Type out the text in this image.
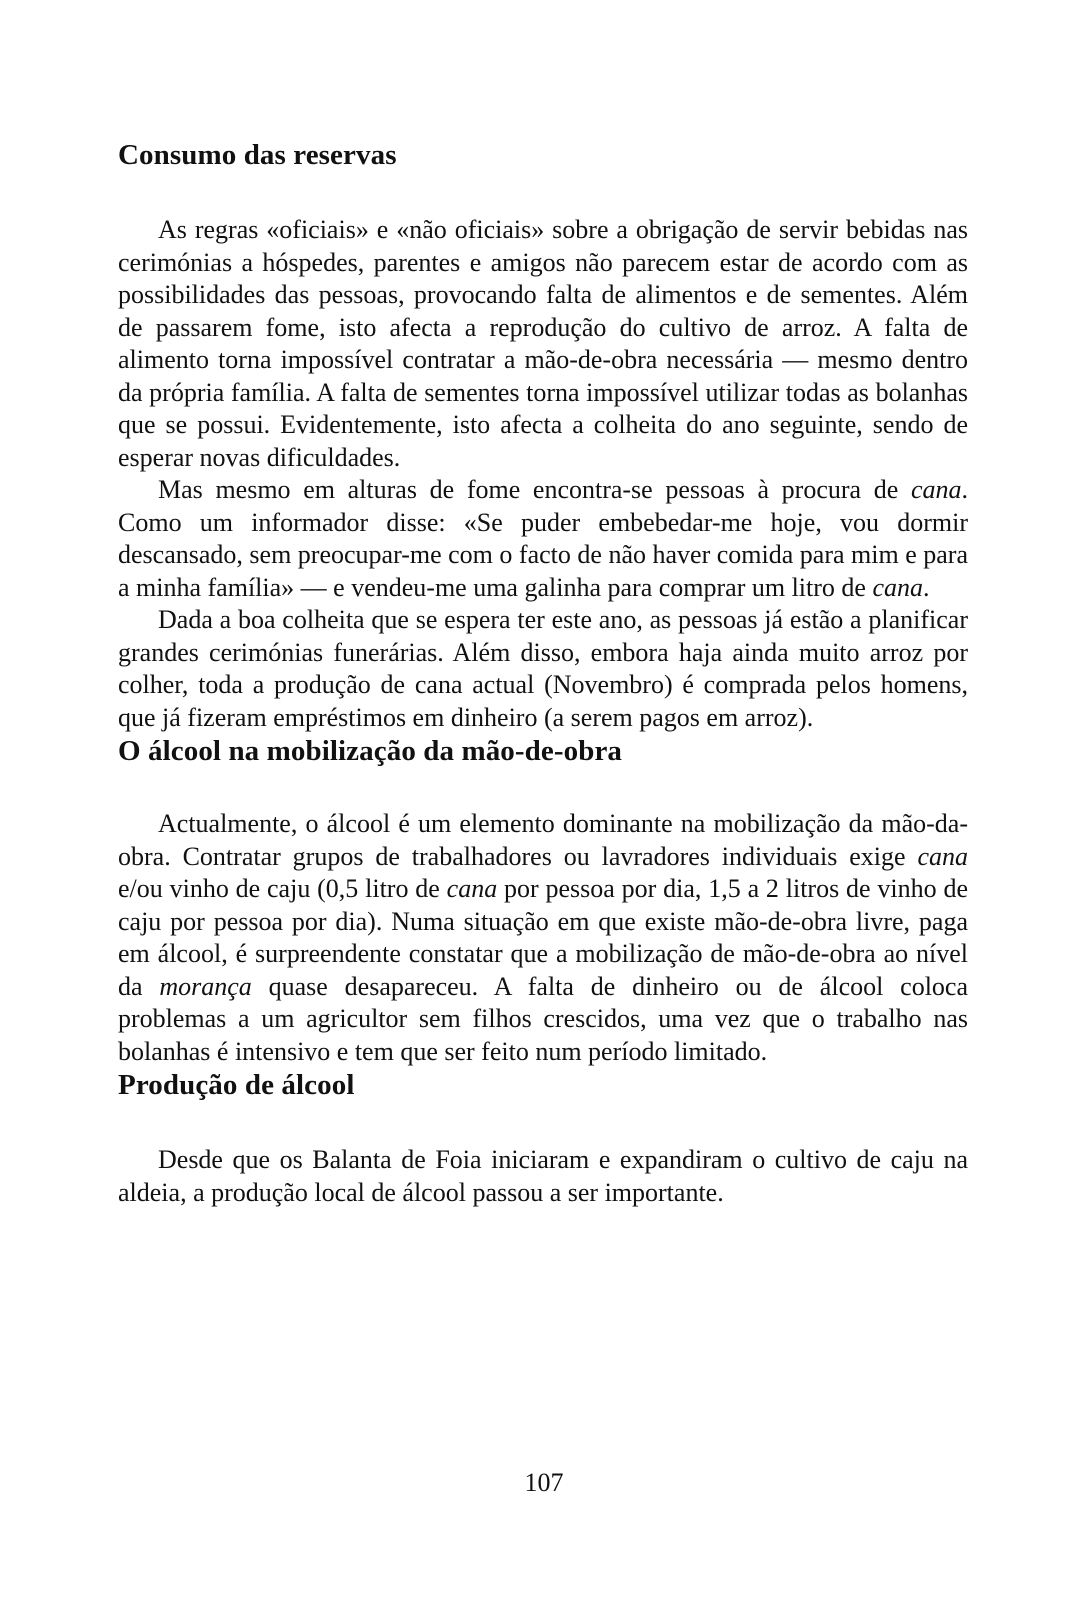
Consumo das reservas

As regras «oficiais» e «não oficiais» sobre a obrigação de servir bebidas nas cerimónias a hóspedes, parentes e amigos não parecem estar de acordo com as possibilidades das pessoas, provocando falta de alimentos e de sementes. Além de passarem fome, isto afecta a reprodução do cultivo de arroz. A falta de alimento torna impossível contratar a mão-de-obra necessária — mesmo dentro da própria família. A falta de sementes torna impossível utilizar todas as bolanhas que se possui. Evidentemente, isto afecta a colheita do ano seguinte, sendo de esperar novas dificuldades.

Mas mesmo em alturas de fome encontra-se pessoas à procura de cana. Como um informador disse: «Se puder embebedar-me hoje, vou dormir descansado, sem preocupar-me com o facto de não haver comida para mim e para a minha família» — e vendeu-me uma galinha para comprar um litro de cana.

Dada a boa colheita que se espera ter este ano, as pessoas já estão a planificar grandes cerimónias funerárias. Além disso, embora haja ainda muito arroz por colher, toda a produção de cana actual (Novembro) é comprada pelos homens, que já fizeram empréstimos em dinheiro (a serem pagos em arroz).

O álcool na mobilização da mão-de-obra

Actualmente, o álcool é um elemento dominante na mobilização da mão-da-obra. Contratar grupos de trabalhadores ou lavradores individuais exige cana e/ou vinho de caju (0,5 litro de cana por pessoa por dia, 1,5 a 2 litros de vinho de caju por pessoa por dia). Numa situação em que existe mão-de-obra livre, paga em álcool, é surpreendente constatar que a mobilização de mão-de-obra ao nível da morança quase desapareceu. A falta de dinheiro ou de álcool coloca problemas a um agricultor sem filhos crescidos, uma vez que o trabalho nas bolanhas é intensivo e tem que ser feito num período limitado.

Produção de álcool

Desde que os Balanta de Foia iniciaram e expandiram o cultivo de caju na aldeia, a produção local de álcool passou a ser importante.

107
